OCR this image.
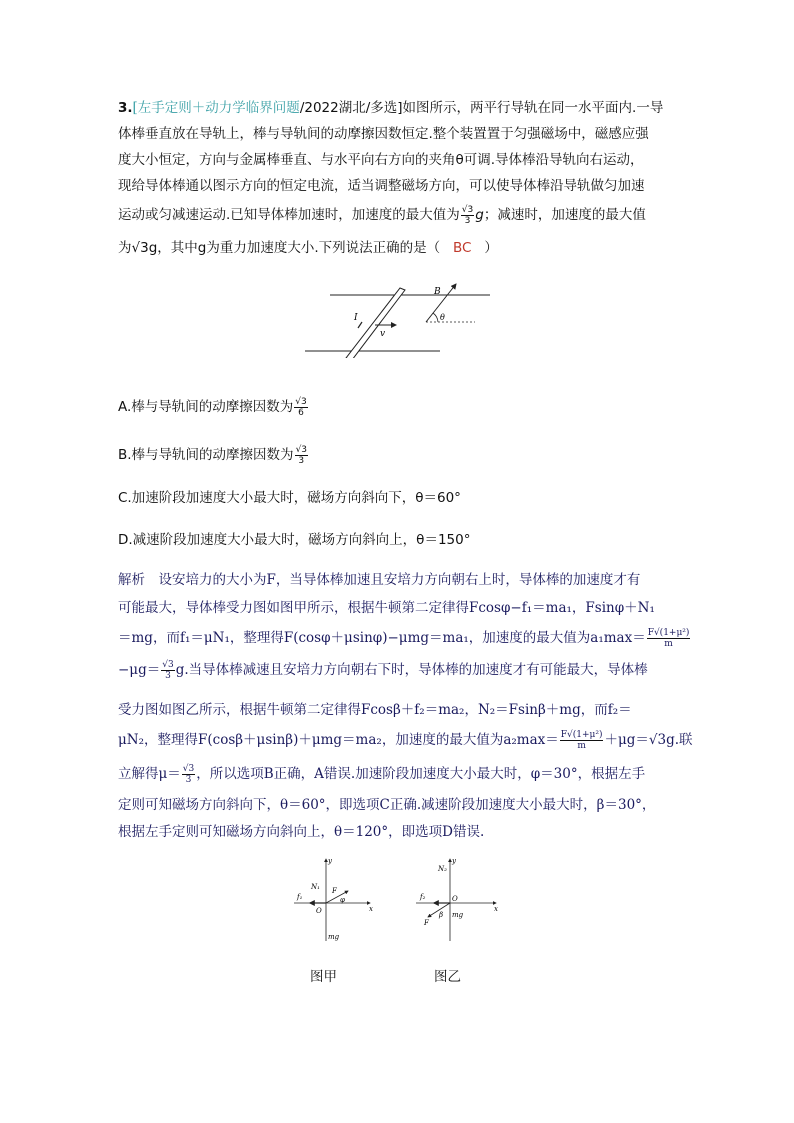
3.[左手定则＋动力学临界问题/2022湖北/多选]如图所示，两平行导轨在同一水平面内.一导
体棒垂直放在导轨上，棒与导轨间的动摩擦因数恒定.整个装置置于匀强磁场中，磁感应强
度大小恒定，方向与金属棒垂直、与水平向右方向的夹角θ可调.导体棒沿导轨向右运动，
现给导体棒通以图示方向的恒定电流，适当调整磁场方向，可以使导体棒沿导轨做匀加速
运动或匀减速运动.已知导体棒加速时，加速度的最大值为 $\frac{√3}{3}$ g；减速时，加速度的最大值
为√3g，其中g为重力加速度大小.下列说法正确的是（ BC ）
I
v
B
θ
A.棒与导轨间的动摩擦因数为 $\frac{√3}{6}$
B.棒与导轨间的动摩擦因数为 $\frac{√3}{3}$
C.加速阶段加速度大小最大时，磁场方向斜向下，θ＝60°
D.减速阶段加速度大小最大时，磁场方向斜向上，θ＝150°
解析　设安培力的大小为F，当导体棒加速且安培力方向朝右上时，导体棒的加速度才有
可能最大，导体棒受力图如图甲所示，根据牛顿第二定律得Fcosφ−f₁＝ma₁，Fsinφ＋N₁
＝mg，而f₁＝μN₁，整理得F(cosφ＋μsinφ)−μmg＝ma₁，加速度的最大值为$a_1\max= \frac{\text{F√(1+μ²)}}{m}$
$-\mu g= \frac{√3}{3} g$.当导体棒减速且安培力方向朝右下时，导体棒的加速度才有可能最大，导体棒
受力图如图乙所示，根据牛顿第二定律得Fcosβ＋f₂＝ma₂，N₂＝Fsinβ＋mg，而f₂＝
μN₂，整理得F(cosβ＋μsinβ)＋μmg＝ma₂，加速度的最大值为$a_2\max= \frac{\text{F√(1+μ²)}}{m} +\mu g=√3g$.联
立解得$\mu= \frac{√3}{3}$ ，所以选项B正确，A错误.加速阶段加速度大小最大时，φ＝30°，根据左手
定则可知磁场方向斜向下，θ＝60°，即选项C正确.减速阶段加速度大小最大时，β＝30°，
根据左手定则可知磁场方向斜向上，θ＝120°，即选项D错误.
y
x
N₁
f₁
F
φ
O
mg
图甲
y
x
N₂
f₂
F
β
O
mg
图乙
